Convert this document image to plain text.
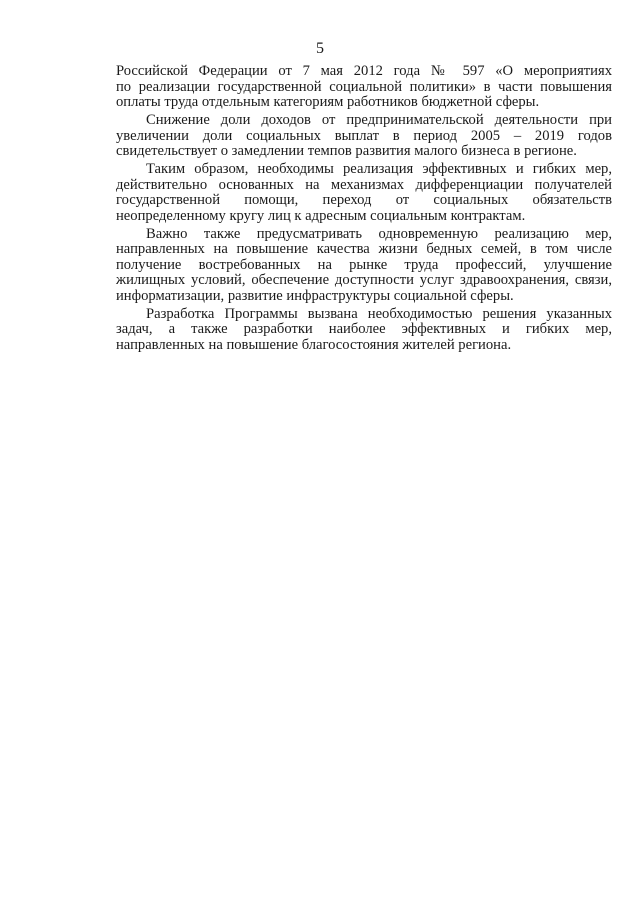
5

Российской Федерации от 7 мая 2012 года № 597 «О мероприятиях
по реализации государственной социальной политики» в части повышения
оплаты труда отдельным категориям работников бюджетной сферы.

Снижение доли доходов от предпринимательской деятельности при
увеличении доли социальных выплат в период 2005 – 2019 годов
свидетельствует о замедлении темпов развития малого бизнеса в регионе.

Таким образом, необходимы реализация эффективных и гибких мер,
действительно основанных на механизмах дифференциации получателей
государственной помощи, переход от социальных обязательств
неопределенному кругу лиц к адресным социальным контрактам.

Важно также предусматривать одновременную реализацию мер,
направленных на повышение качества жизни бедных семей, в том числе
получение востребованных на рынке труда профессий, улучшение
жилищных условий, обеспечение доступности услуг здравоохранения, связи,
информатизации, развитие инфраструктуры социальной сферы.

Разработка Программы вызвана необходимостью решения указанных
задач, а также разработки наиболее эффективных и гибких мер,
направленных на повышение благосостояния жителей региона.
